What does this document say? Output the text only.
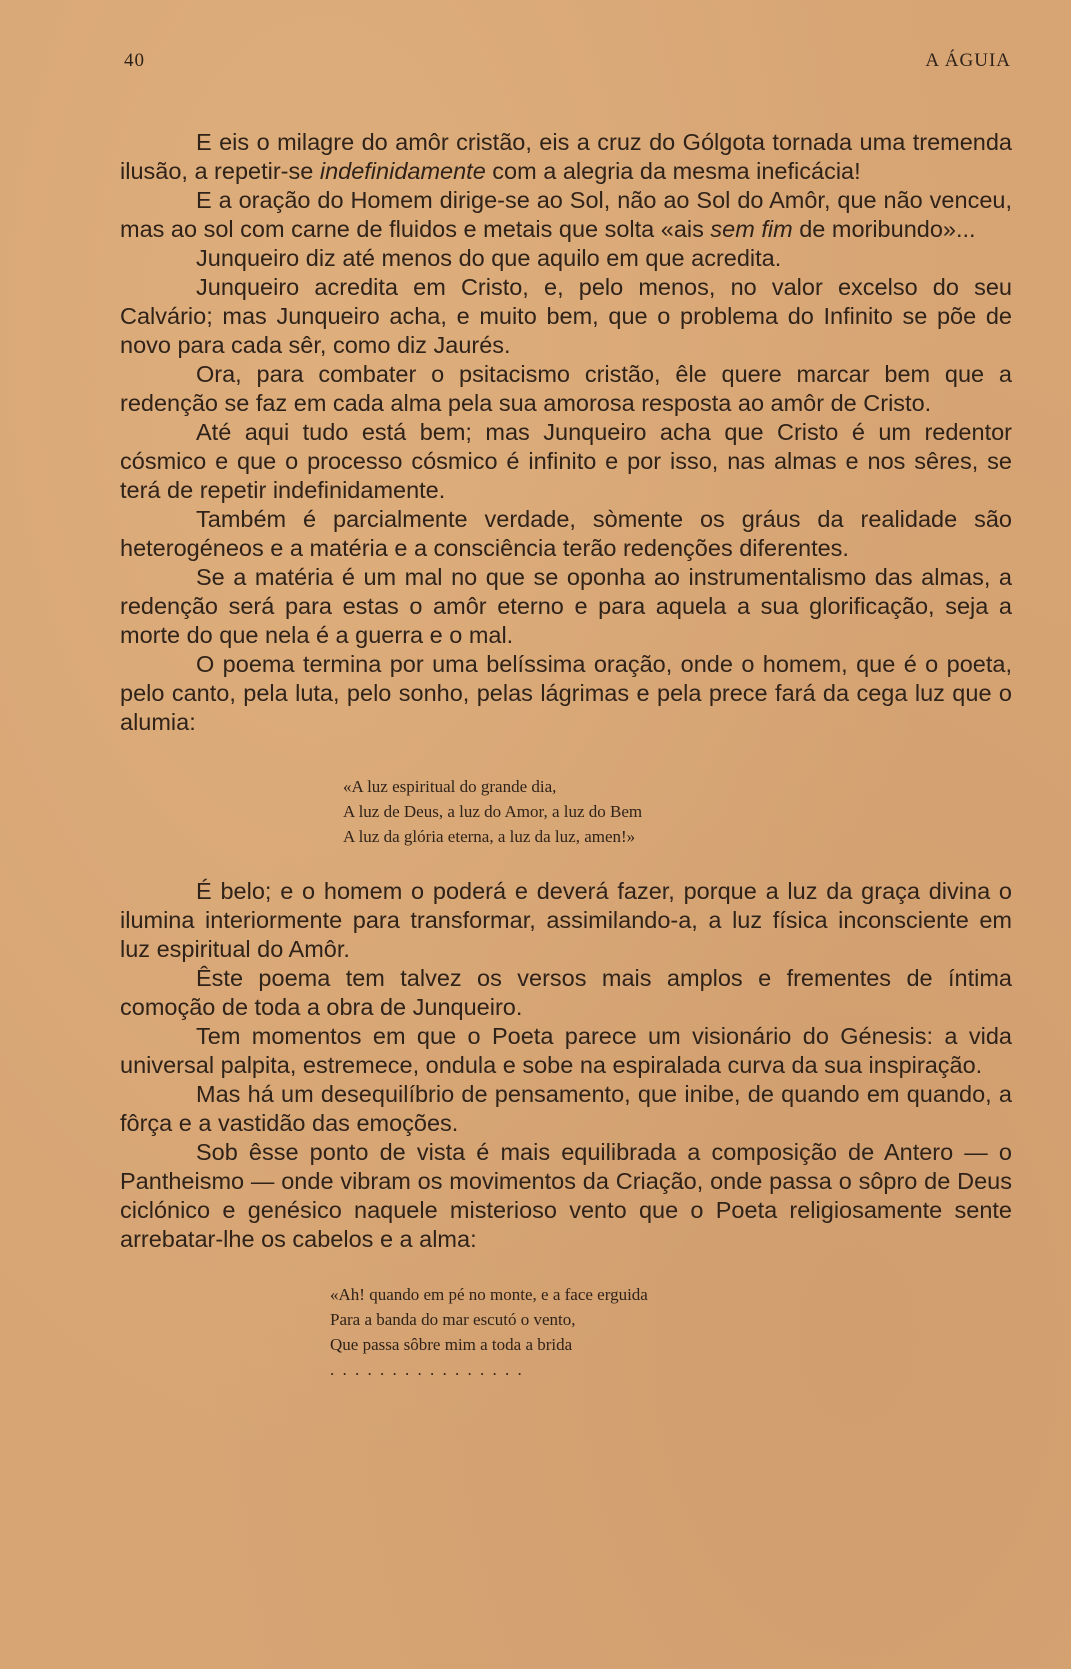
40	A ÁGUIA

E eis o milagre do amôr cristão, eis a cruz do Gólgota tornada uma tremenda ilusão, a repetir-se indefinidamente com a alegria da mesma ineficácia!

E a oração do Homem dirige-se ao Sol, não ao Sol do Amôr, que não venceu, mas ao sol com carne de fluidos e metais que solta «ais sem fim de moribundo»...

Junqueiro diz até menos do que aquilo em que acredita.

Junqueiro acredita em Cristo, e, pelo menos, no valor excelso do seu Calvário; mas Junqueiro acha, e muito bem, que o problema do Infinito se põe de novo para cada sêr, como diz Jaurés.

Ora, para combater o psitacismo cristão, êle quere marcar bem que a redenção se faz em cada alma pela sua amorosa resposta ao amôr de Cristo.

Até aqui tudo está bem; mas Junqueiro acha que Cristo é um redentor cósmico e que o processo cósmico é infinito e por isso, nas almas e nos sêres, se terá de repetir indefinidamente.

Também é parcialmente verdade, sòmente os gráus da realidade são heterogéneos e a matéria e a consciência terão redenções diferentes.

Se a matéria é um mal no que se oponha ao instrumentalismo das almas, a redenção será para estas o amôr eterno e para aquela a sua glorificação, seja a morte do que nela é a guerra e o mal.

O poema termina por uma belíssima oração, onde o homem, que é o poeta, pelo canto, pela luta, pelo sonho, pelas lágrimas e pela prece fará da cega luz que o alumia:

«A luz espiritual do grande dia,
A luz de Deus, a luz do Amor, a luz do Bem
A luz da glória eterna, a luz da luz, amen!»

É belo; e o homem o poderá e deverá fazer, porque a luz da graça divina o ilumina interiormente para transformar, assimilando-a, a luz física inconsciente em luz espiritual do Amôr.

Êste poema tem talvez os versos mais amplos e frementes de íntima comoção de toda a obra de Junqueiro.

Tem momentos em que o Poeta parece um visionário do Génesis: a vida universal palpita, estremece, ondula e sobe na espiralada curva da sua inspiração.

Mas há um desequilíbrio de pensamento, que inibe, de quando em quando, a fôrça e a vastidão das emoções.

Sob êsse ponto de vista é mais equilibrada a composição de Antero — o Pantheismo — onde vibram os movimentos da Criação, onde passa o sôpro de Deus ciclónico e genésico naquele misterioso vento que o Poeta religiosamente sente arrebatar-lhe os cabelos e a alma:

«Ah! quando em pé no monte, e a face erguida
Para a banda do mar escutó o vento,
Que passa sôbre mim a toda a brida
. . . . . . . . . . . . . . . .
